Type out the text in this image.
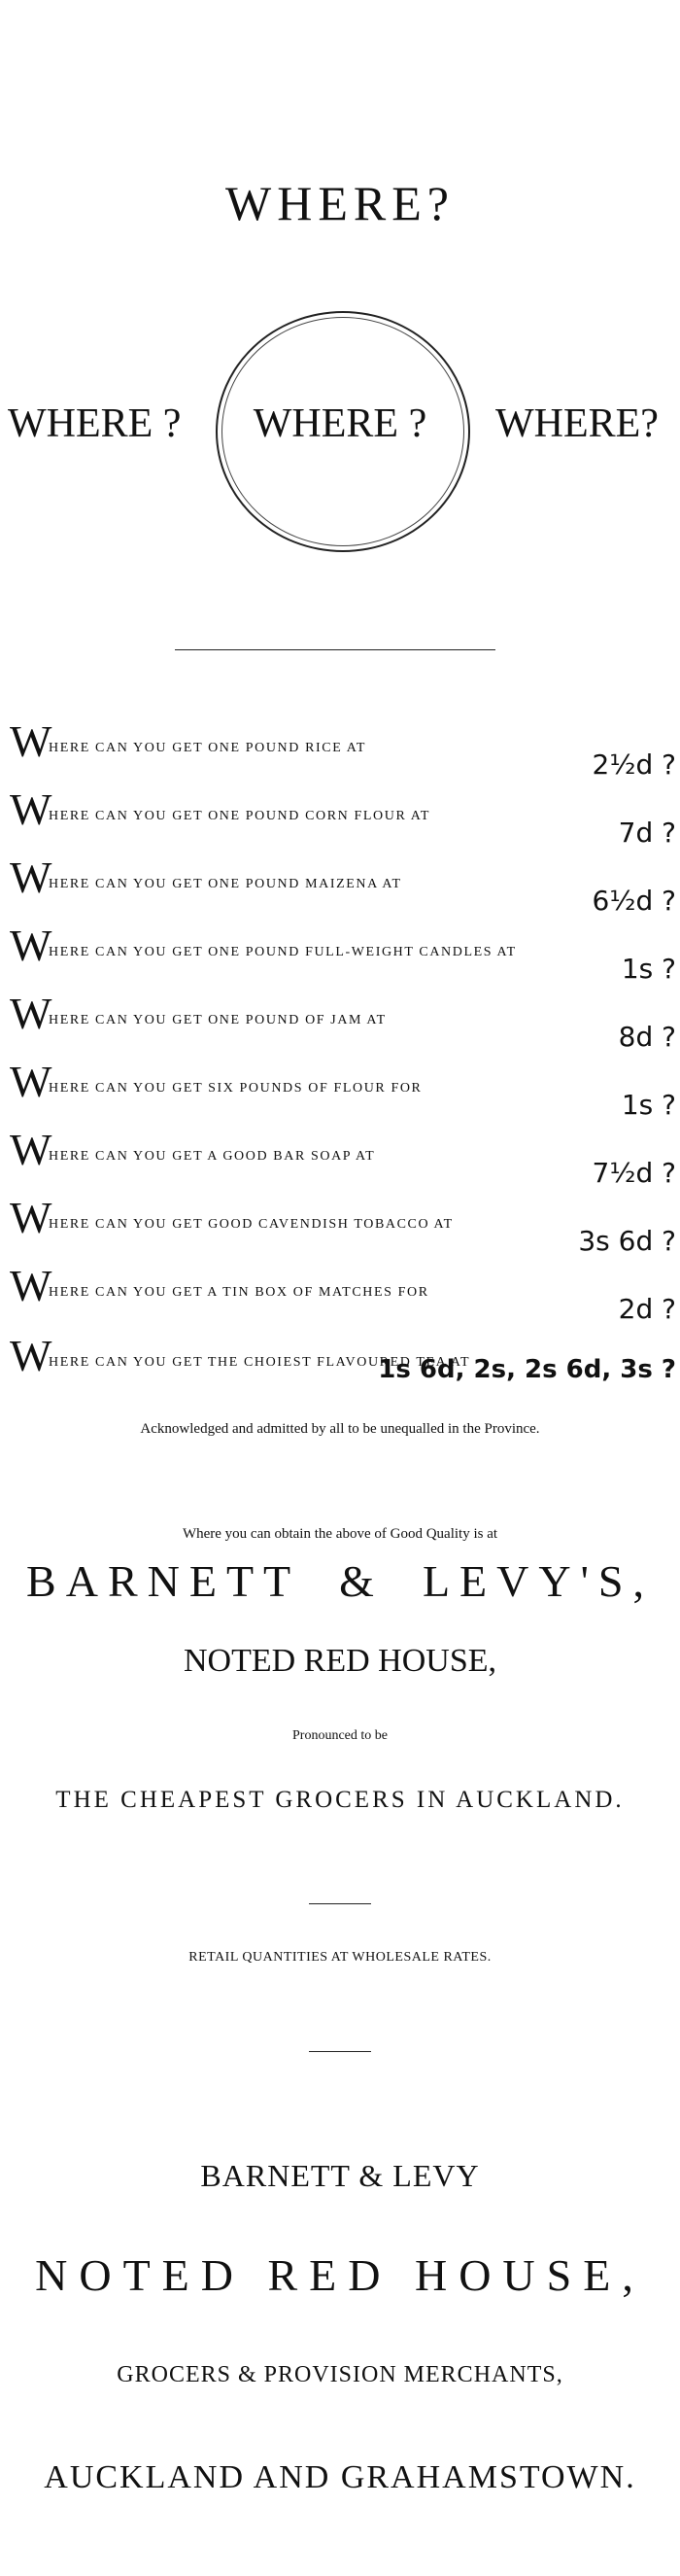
WHERE?
WHERE ?	WHERE ?	WHERE?
W
HERE CAN YOU GET ONE POUND RICE AT
2½d ?
W
HERE CAN YOU GET ONE POUND CORN FLOUR AT
7d ?
W
HERE CAN YOU GET ONE POUND MAIZENA AT
6½d ?
W
HERE CAN YOU GET ONE POUND FULL-WEIGHT CANDLES AT
1s ?
W
HERE CAN YOU GET ONE POUND OF JAM AT
8d ?
W
HERE CAN YOU GET SIX POUNDS OF FLOUR FOR
1s ?
W
HERE CAN YOU GET A GOOD BAR SOAP AT
7½d ?
W
HERE CAN YOU GET GOOD CAVENDISH TOBACCO AT
3s 6d ?
W
HERE CAN YOU GET A TIN BOX OF MATCHES FOR
2d ?
W
HERE CAN YOU GET THE CHOIEST FLAVOURED TEA AT
1s 6d, 2s, 2s 6d, 3s ?
Acknowledged and admitted by all to be unequalled in the Province.
Where you can obtain the above of Good Quality is at
BARNETT & LEVY'S,
NOTED RED HOUSE,
Pronounced to be
THE CHEAPEST GROCERS IN AUCKLAND.
RETAIL QUANTITIES AT WHOLESALE RATES.
BARNETT & LEVY
NOTED RED HOUSE,
GROCERS & PROVISION MERCHANTS,
AUCKLAND AND GRAHAMSTOWN.
